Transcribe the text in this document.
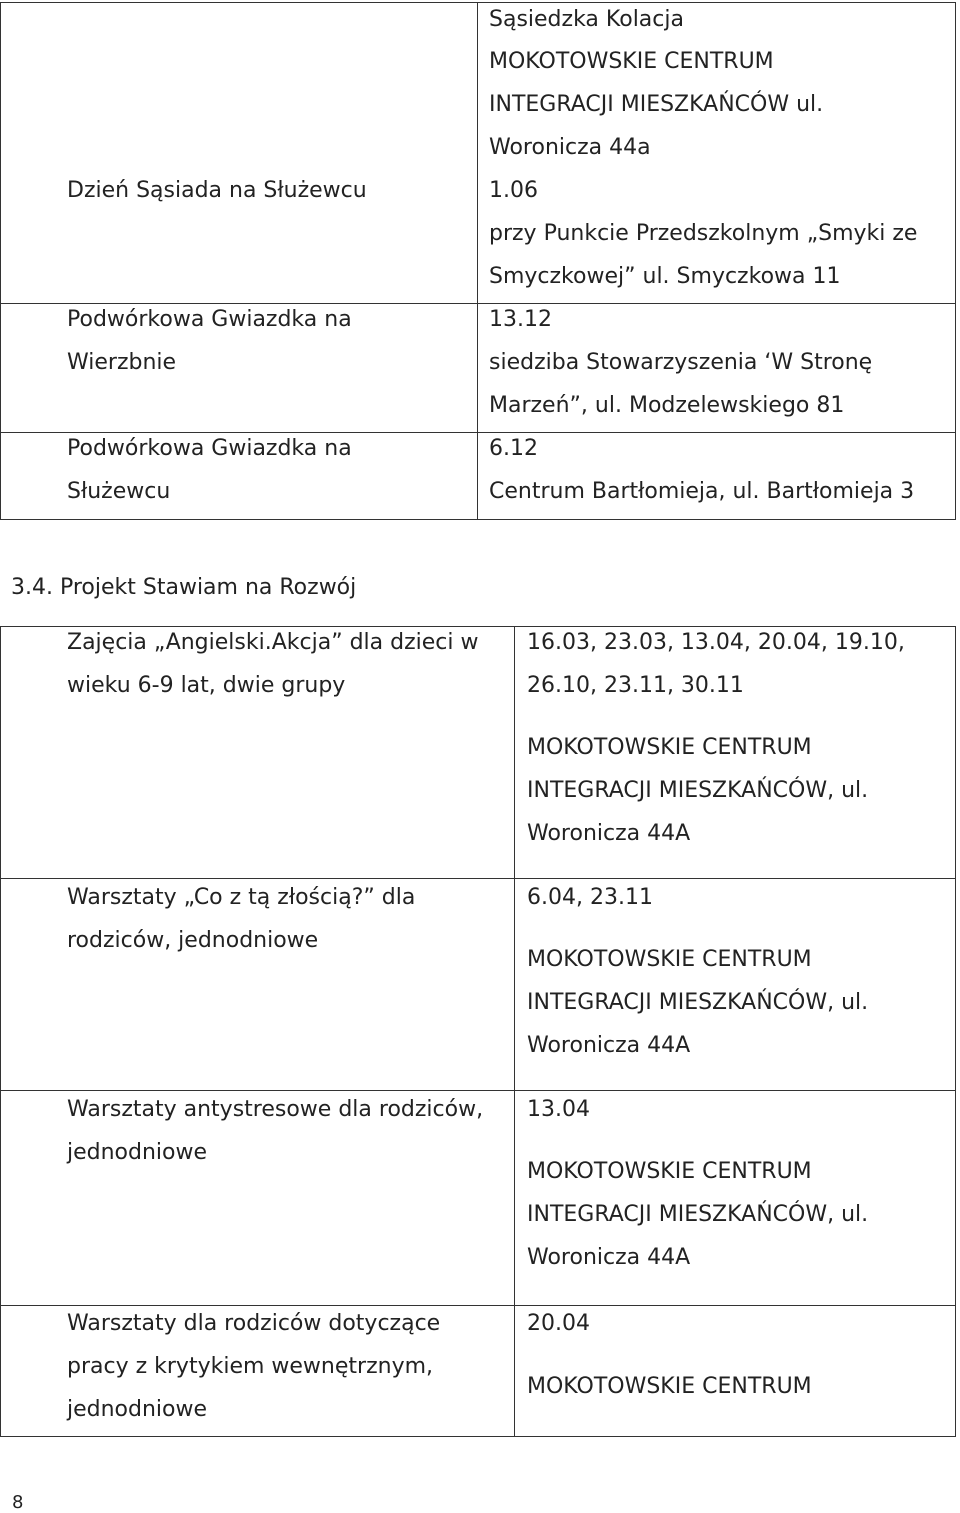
Sąsiedzka Kolacja
MOKOTOWSKIE CENTRUM
INTEGRACJI MIESZKAŃCÓW ul.
Woronicza 44a
Dzień Sąsiada na Służewcu	1.06
przy Punkcie Przedszkolnym „Smyki ze
Smyczkowej” ul. Smyczkowa 11
Podwórkowa Gwiazdka na
Wierzbnie
13.12
siedziba Stowarzyszenia ‘W Stronę
Marzeń”, ul. Modzelewskiego 81
Podwórkowa Gwiazdka na
Służewcu
6.12
Centrum Bartłomieja, ul. Bartłomieja 3
3.4. Projekt Stawiam na Rozwój
Zajęcia „Angielski.Akcja” dla dzieci w
wieku 6-9 lat, dwie grupy
16.03, 23.03, 13.04, 20.04, 19.10,
26.10, 23.11, 30.11
MOKOTOWSKIE CENTRUM
INTEGRACJI MIESZKAŃCÓW, ul.
Woronicza 44A
Warsztaty „Co z tą złością?” dla
rodziców, jednodniowe
6.04, 23.11
MOKOTOWSKIE CENTRUM
INTEGRACJI MIESZKAŃCÓW, ul.
Woronicza 44A
Warsztaty antystresowe dla rodziców,
jednodniowe
13.04
MOKOTOWSKIE CENTRUM
INTEGRACJI MIESZKAŃCÓW, ul.
Woronicza 44A
Warsztaty dla rodziców dotyczące
pracy z krytykiem wewnętrznym,
jednodniowe
20.04
MOKOTOWSKIE CENTRUM
8
